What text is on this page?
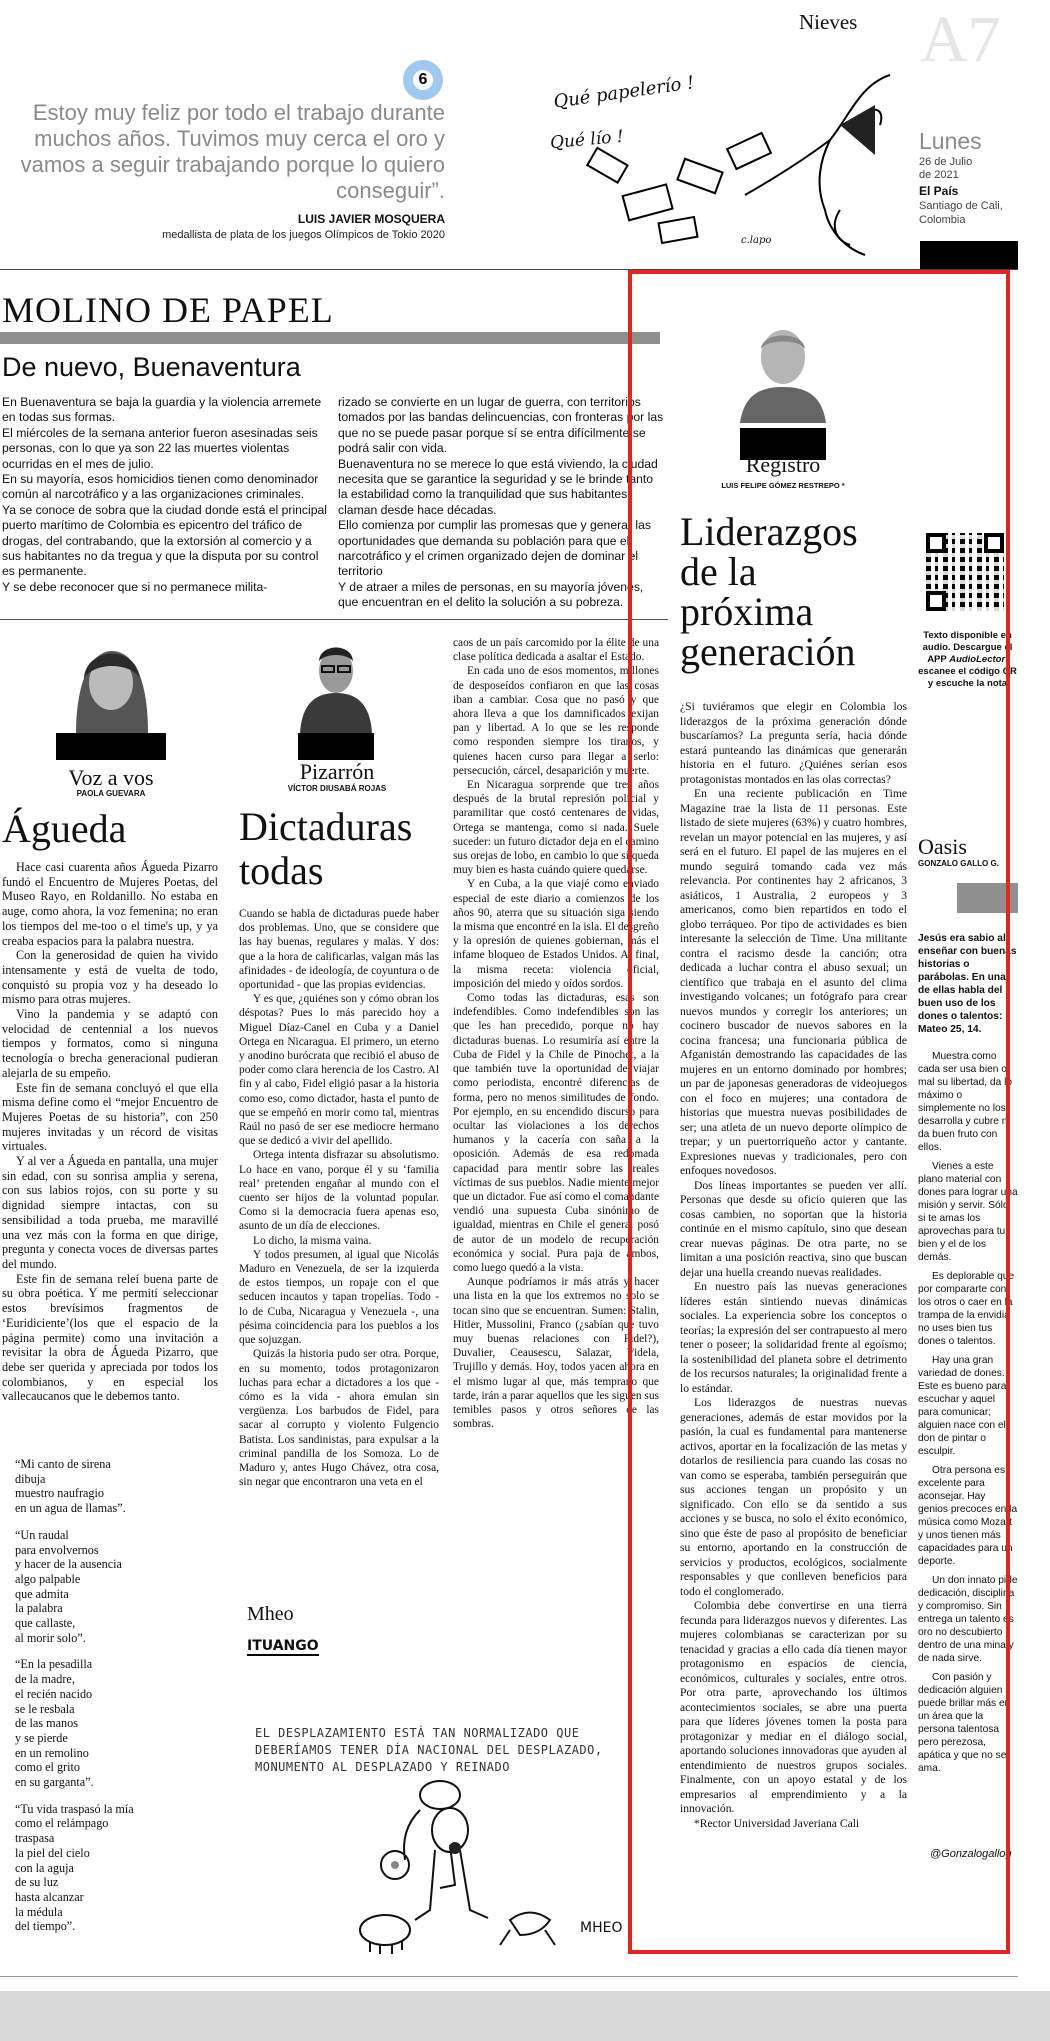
6
Estoy muy feliz por todo el trabajo durante muchos años. Tuvimos muy cerca el oro y vamos a seguir trabajando porque lo quiero conseguir”.
LUIS JAVIER MOSQUERA
medallista de plata de los juegos Olímpicos de Tokio 2020
Nieves
Qué papelerío !
Qué lío !
c.lapo
A7
Lunes
26 de Julio
de 2021
El País
Santiago de Cali,
Colombia
MOLINO DE PAPEL
De nuevo, Buenaventura
En Buenaventura se baja la guardia y la violencia arremete en todas sus formas.
El miércoles de la semana anterior fueron asesinadas seis personas, con lo que ya son 22 las muertes violentas ocurridas en el mes de julio.
En su mayoría, esos homicidios tienen como denominador común al narcotráfico y a las organizaciones criminales.
Ya se conoce de sobra que la ciudad donde está el principal puerto marítimo de Colombia es epicentro del tráfico de drogas, del contrabando, que la extorsión al comercio y a sus habitantes no da tregua y que la disputa por su control es permanente.
Y se debe reconocer que si no permanece milita-
rizado se convierte en un lugar de guerra, con territorios tomados por las bandas delincuencias, con fronteras por las que no se puede pasar porque sí se entra difícilmente se podrá salir con vida.
Buenaventura no se merece lo que está viviendo, la ciudad necesita que se garantice la seguridad y se le brinde tanto la estabilidad como la tranquilidad que sus habitantes claman desde hace décadas.
Ello comienza por cumplir las promesas que y generar las oportunidades que demanda su población para que el narcotráfico y el crimen organizado dejen de dominar el territorio
Y de atraer a miles de personas, en su mayoría jóvenes, que encuentran en el delito la solución a su pobreza.
Voz a vos
PAOLA GUEVARA
Águeda

Hace casi cuarenta años Águeda Pizarro fundó el Encuentro de Mujeres Poetas, del Museo Rayo, en Roldanillo. No estaba en auge, como ahora, la voz femenina; no eran los tiempos del me-too o el time's up, y ya creaba espacios para la palabra nuestra.

Con la generosidad de quien ha vivido intensamente y está de vuelta de todo, conquistó su propia voz y ha deseado lo mismo para otras mujeres.

Vino la pandemia y se adaptó con velocidad de centennial a los nuevos tiempos y formatos, como si ninguna tecnología o brecha generacional pudieran alejarla de su empeño.

Este fin de semana concluyó el que ella misma define como el “mejor Encuentro de Mujeres Poetas de su historia”, con 250 mujeres invitadas y un récord de visitas virtuales.

Y al ver a Águeda en pantalla, una mujer sin edad, con su sonrisa amplia y serena, con sus labios rojos, con su porte y su dignidad siempre intactas, con su sensibilidad a toda prueba, me maravillé una vez más con la forma en que dirige, pregunta y conecta voces de diversas partes del mundo.

Este fin de semana releí buena parte de su obra poética. Y me permití seleccionar estos brevísimos fragmentos de ‘Euridiciente’(los que el espacio de la página permite) como una invitación a revisitar la obra de Águeda Pizarro, que debe ser querida y apreciada por todos los colombianos, y en especial los vallecaucanos que le debemos tanto.

“Mi canto de sirena
dibuja
muestro naufragio
en un agua de llamas”.

“Un raudal
para envolvernos
y hacer de la ausencia
algo palpable
que admita
la palabra
que callaste,
al morir solo”.

“En la pesadilla
de la madre,
el recién nacido
se le resbala
de las manos
y se pierde
en un remolino
como el grito
en su garganta”.

“Tu vida traspasó la mía
como el relámpago
traspasa
la piel del cielo
con la aguja
de su luz
hasta alcanzar
la médula
del tiempo”.

Pizarrón
VÍCTOR DIUSABÁ ROJAS
Dictaduras todas

Cuando se habla de dictaduras puede haber dos problemas. Uno, que se considere que las hay buenas, regulares y malas. Y dos: que a la hora de calificarlas, valgan más las afinidades - de ideología, de coyuntura o de oportunidad - que las propias evidencias.

Y es que, ¿quiénes son y cómo obran los déspotas? Pues lo más parecido hoy a Miguel Díaz-Canel en Cuba y a Daniel Ortega en Nicaragua. El primero, un eterno y anodino burócrata que recibió el abuso de poder como clara herencia de los Castro. Al fin y al cabo, Fidel eligió pasar a la historia como eso, como dictador, hasta el punto de que se empeñó en morir como tal, mientras Raúl no pasó de ser ese mediocre hermano que se dedicó a vivir del apellido.

Ortega intenta disfrazar su absolutismo. Lo hace en vano, porque él y su ‘familia real’ pretenden engañar al mundo con el cuento ser hijos de la voluntad popular. Como si la democracia fuera apenas eso, asunto de un día de elecciones.

Lo dicho, la misma vaina.

Y todos presumen, al igual que Nicolás Maduro en Venezuela, de ser la izquierda de estos tiempos, un ropaje con el que seducen incautos y tapan tropelías. Todo - lo de Cuba, Nicaragua y Venezuela -, una pésima coincidencia para los pueblos a los que sojuzgan.

Quizás la historia pudo ser otra. Porque, en su momento, todos protagonizaron luchas para echar a dictadores a los que - cómo es la vida - ahora emulan sin vergüenza. Los barbudos de Fidel, para sacar al corrupto y violento Fulgencio Batista. Los sandinistas, para expulsar a la criminal pandilla de los Somoza. Lo de Maduro y, antes Hugo Chávez, otra cosa, sin negar que encontraron una veta en el

caos de un país carcomido por la élite de una clase política dedicada a asaltar el Estado.

En cada uno de esos momentos, millones de desposeídos confiaron en que las cosas iban a cambiar. Cosa que no pasó y que ahora lleva a que los damnificados exijan pan y libertad. A lo que se les responde como responden siempre los tiranos, y quienes hacen curso para llegar a serlo: persecución, cárcel, desaparición y muerte.

En Nicaragua sorprende que tres años después de la brutal represión policial y paramilitar que costó centenares de vidas, Ortega se mantenga, como si nada. Suele suceder: un futuro dictador deja en el camino sus orejas de lobo, en cambio lo que sí queda muy bien es hasta cuándo quiere quedarse.

Y en Cuba, a la que viajé como enviado especial de este diario a comienzos de los años 90, aterra que su situación siga siendo la misma que encontré en la isla. El desgreño y la opresión de quienes gobiernan, más el infame bloqueo de Estados Unidos. Al final, la misma receta: violencia oficial, imposición del miedo y oídos sordos.

Como todas las dictaduras, esas son indefendibles. Como indefendibles son las que les han precedido, porque no hay dictaduras buenas. Lo resumiría así entre la Cuba de Fidel y la Chile de Pinochet, a la que también tuve la oportunidad de viajar como periodista, encontré diferencias de forma, pero no menos similitudes de fondo. Por ejemplo, en su encendido discurso para ocultar las violaciones a los derechos humanos y la cacería con saña a la oposición. Además de esa redomada capacidad para mentir sobre las reales víctimas de sus pueblos. Nadie miente mejor que un dictador. Fue así como el comandante vendió una supuesta Cuba sinónimo de igualdad, mientras en Chile el general posó de autor de un modelo de recuperación económica y social. Pura paja de ambos, como luego quedó a la vista.

Aunque podríamos ir más atrás y hacer una lista en la que los extremos no solo se tocan sino que se encuentran. Sumen: Stalin, Hitler, Mussolini, Franco (¿sabían que tuvo muy buenas relaciones con Fidel?), Duvalier, Ceausescu, Salazar, Videla, Trujillo y demás. Hoy, todos yacen ahora en el mismo lugar al que, más temprano que tarde, irán a parar aquellos que les siguen sus temibles pasos y otros señores de las sombras.

Mheo
ITUANGO
EL DESPLAZAMIENTO ESTÁ TAN NORMALIZADO QUE DEBERÍAMOS TENER DÍA NACIONAL DEL DESPLAZADO, MONUMENTO AL DESPLAZADO Y REINADO
MHEO
Registro
LUIS FELIPE GÓMEZ RESTREPO *
Liderazgos de la próxima generación

¿Si tuviéramos que elegir en Colombia los liderazgos de la próxima generación dónde buscaríamos? La pregunta sería, hacia dónde estará punteando las dinámicas que generarán historia en el futuro. ¿Quiénes serían esos protagonistas montados en las olas correctas?

En una reciente publicación en Time Magazine trae la lista de 11 personas. Este listado de siete mujeres (63%) y cuatro hombres, revelan un mayor potencial en las mujeres, y así será en el futuro. El papel de las mujeres en el mundo seguirá tomando cada vez más relevancia. Por continentes hay 2 africanos, 3 asiáticos, 1 Australia, 2 europeos y 3 americanos, como bien repartidos en todo el globo terráqueo. Por tipo de actividades es bien interesante la selección de Time. Una militante contra el racismo desde la canción; otra dedicada a luchar contra el abuso sexual; un científico que trabaja en el asunto del clima investigando volcanes; un fotógrafo para crear nuevos mundos y corregir los anteriores; un cocinero buscador de nuevos sabores en la cocina francesa; una funcionaria pública de Afganistán demostrando las capacidades de las mujeres en un entorno dominado por hombres; un par de japonesas generadoras de videojuegos con el foco en mujeres; una contadora de historias que muestra nuevas posibilidades de ser; una atleta de un nuevo deporte olímpico de trepar; y un puertorriqueño actor y cantante. Expresiones nuevas y tradicionales, pero con enfoques novedosos.

Dos líneas importantes se pueden ver allí. Personas que desde su oficio quieren que las cosas cambien, no soportan que la historia continúe en el mismo capítulo, sino que desean crear nuevas páginas. De otra parte, no se limitan a una posición reactiva, sino que buscan dejar una huella creando nuevas realidades.

En nuestro país las nuevas generaciones líderes están sintiendo nuevas dinámicas sociales. La experiencia sobre los conceptos o teorías; la expresión del ser contrapuesto al mero tener o poseer; la solidaridad frente al egoísmo; la sostenibilidad del planeta sobre el detrimento de los recursos naturales; la originalidad frente a lo estándar.

Los liderazgos de nuestras nuevas generaciones, además de estar movidos por la pasión, la cual es fundamental para mantenerse activos, aportar en la focalización de las metas y dotarlos de resiliencia para cuando las cosas no van como se esperaba, también perseguirán que sus acciones tengan un propósito y un significado. Con ello se da sentido a sus acciones y se busca, no solo el éxito económico, sino que éste de paso al propósito de beneficiar su entorno, aportando en la construcción de servicios y productos, ecológicos, socialmente responsables y que conlleven beneficios para todo el conglomerado.

Colombia debe convertirse en una tierra fecunda para liderazgos nuevos y diferentes. Las mujeres colombianas se caracterizan por su tenacidad y gracias a ello cada día tienen mayor protagonismo en espacios de ciencia, económicos, culturales y sociales, entre otros. Por otra parte, aprovechando los últimos acontecimientos sociales, se abre una puerta para que líderes jóvenes tomen la posta para protagonizar y mediar en el diálogo social, aportando soluciones innovadoras que ayuden al entendimiento de nuestros grupos sociales. Finalmente, con un apoyo estatal y de los empresarios al emprendimiento y a la innovación.

*Rector Universidad Javeriana Cali

Texto disponible en audio. Descargue el APP AudioLector, escanee el código QR y escuche la nota
Oasis
GONZALO GALLO G.
Jesús era sabio al enseñar con buenas historias o parábolas. En una de ellas habla del buen uso de los dones o talentos: Mateo 25, 14.

Muestra como cada ser usa bien o mal su libertad, da lo máximo o simplemente no los desarrolla y cubre ni da buen fruto con ellos.

Vienes a este plano material con dones para lograr una misión y servir. Sólo si te amas los aprovechas para tu bien y el de los demás.

Es deplorable que por compararte con los otros o caer en la trampa de la envidia no uses bien tus dones o talentos.

Hay una gran variedad de dones. Este es bueno para escuchar y aquel para comunicar; alguien nace con el don de pintar o esculpir.

Otra persona es excelente para aconsejar. Hay genios precoces en la música como Mozart y unos tienen más capacidades para un deporte.

Un don innato pide dedicación, disciplina y compromiso. Sin entrega un talento es oro no descubierto dentro de una mina y de nada sirve.

Con pasión y dedicación alguien puede brillar más en un área que la persona talentosa pero perezosa, apática y que no se ama.

@Gonzalogallog
